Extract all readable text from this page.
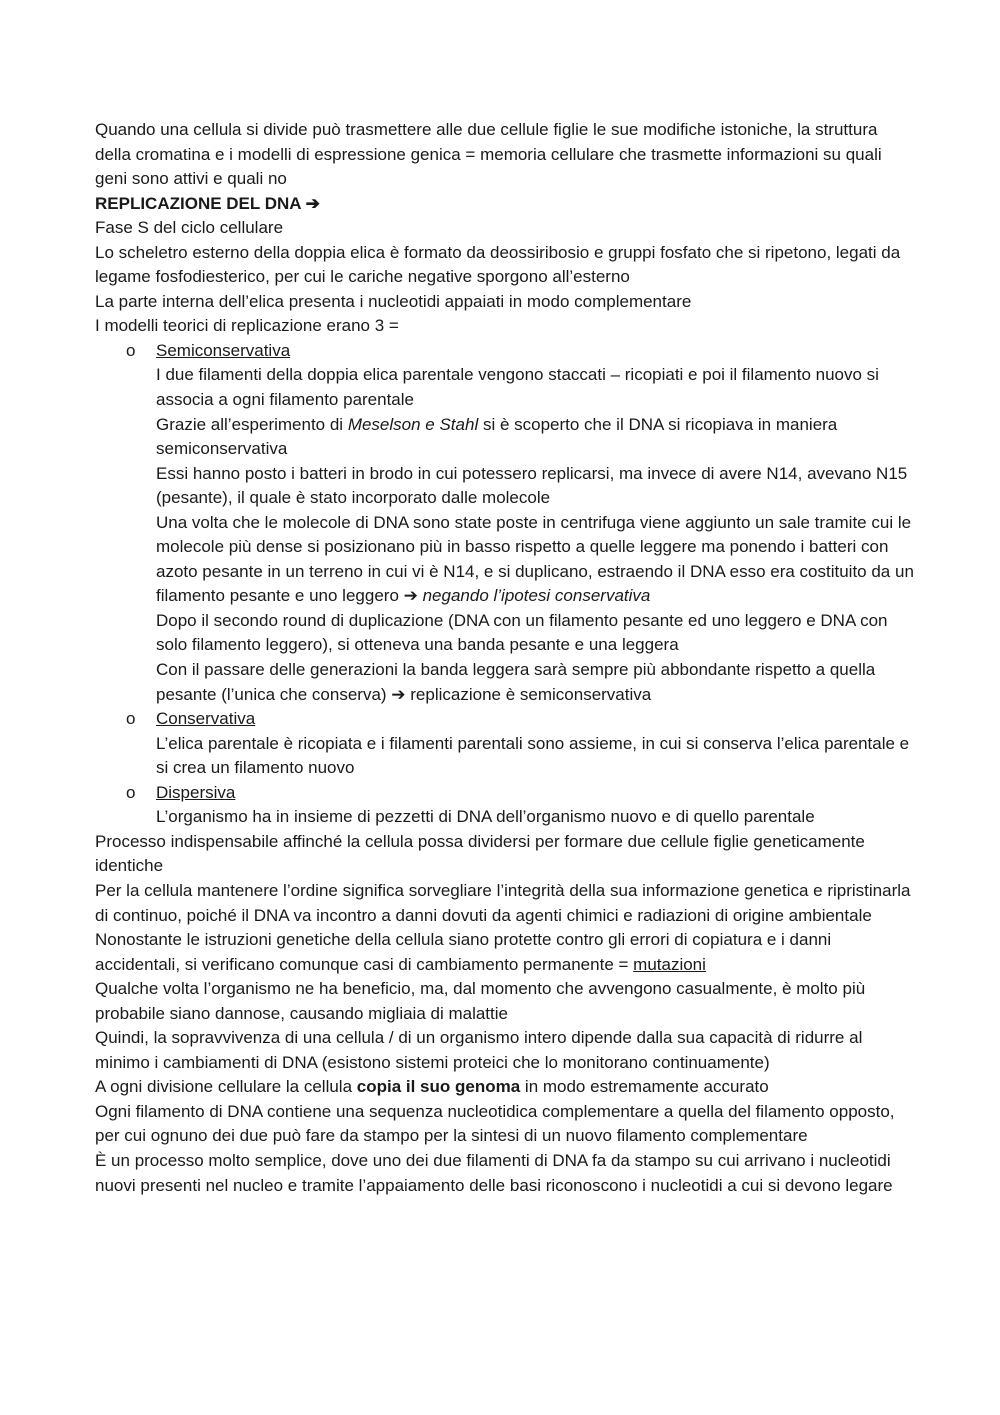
Quando una cellula si divide può trasmettere alle due cellule figlie le sue modifiche istoniche, la struttura della cromatina e i modelli di espressione genica = memoria cellulare che trasmette informazioni su quali geni sono attivi e quali no

REPLICAZIONE DEL DNA ➔

Fase S del ciclo cellulare

Lo scheletro esterno della doppia elica è formato da deossiribosio e gruppi fosfato che si ripetono, legati da legame fosfodiesterico, per cui le cariche negative sporgono all’esterno

La parte interna dell’elica presenta i nucleotidi appaiati in modo complementare

I modelli teorici di replicazione erano 3 =

o Semiconservativa

I due filamenti della doppia elica parentale vengono staccati – ricopiati e poi il filamento nuovo si associa a ogni filamento parentale

Grazie all’esperimento di Meselson e Stahl si è scoperto che il DNA si ricopiava in maniera semiconservativa

Essi hanno posto i batteri in brodo in cui potessero replicarsi, ma invece di avere N14, avevano N15 (pesante), il quale è stato incorporato dalle molecole

Una volta che le molecole di DNA sono state poste in centrifuga viene aggiunto un sale tramite cui le molecole più dense si posizionano più in basso rispetto a quelle leggere ma ponendo i batteri con azoto pesante in un terreno in cui vi è N14, e si duplicano, estraendo il DNA esso era costituito da un filamento pesante e uno leggero ➔ negando l’ipotesi conservativa

Dopo il secondo round di duplicazione (DNA con un filamento pesante ed uno leggero e DNA con solo filamento leggero), si otteneva una banda pesante e una leggera

Con il passare delle generazioni la banda leggera sarà sempre più abbondante rispetto a quella pesante (l’unica che conserva) ➔ replicazione è semiconservativa

o Conservativa

L’elica parentale è ricopiata e i filamenti parentali sono assieme, in cui si conserva l’elica parentale e si crea un filamento nuovo

o Dispersiva

L’organismo ha in insieme di pezzetti di DNA dell’organismo nuovo e di quello parentale

Processo indispensabile affinché la cellula possa dividersi per formare due cellule figlie geneticamente identiche

Per la cellula mantenere l’ordine significa sorvegliare l’integrità della sua informazione genetica e ripristinarla di continuo, poiché il DNA va incontro a danni dovuti da agenti chimici e radiazioni di origine ambientale

Nonostante le istruzioni genetiche della cellula siano protette contro gli errori di copiatura e i danni accidentali, si verificano comunque casi di cambiamento permanente = mutazioni

Qualche volta l’organismo ne ha beneficio, ma, dal momento che avvengono casualmente, è molto più probabile siano dannose, causando migliaia di malattie

Quindi, la sopravvivenza di una cellula / di un organismo intero dipende dalla sua capacità di ridurre al minimo i cambiamenti di DNA (esistono sistemi proteici che lo monitorano continuamente)

A ogni divisione cellulare la cellula copia il suo genoma in modo estremamente accurato

Ogni filamento di DNA contiene una sequenza nucleotidica complementare a quella del filamento opposto, per cui ognuno dei due può fare da stampo per la sintesi di un nuovo filamento complementare

È un processo molto semplice, dove uno dei due filamenti di DNA fa da stampo su cui arrivano i nucleotidi nuovi presenti nel nucleo e tramite l’appaiamento delle basi riconoscono i nucleotidi a cui si devono legare
